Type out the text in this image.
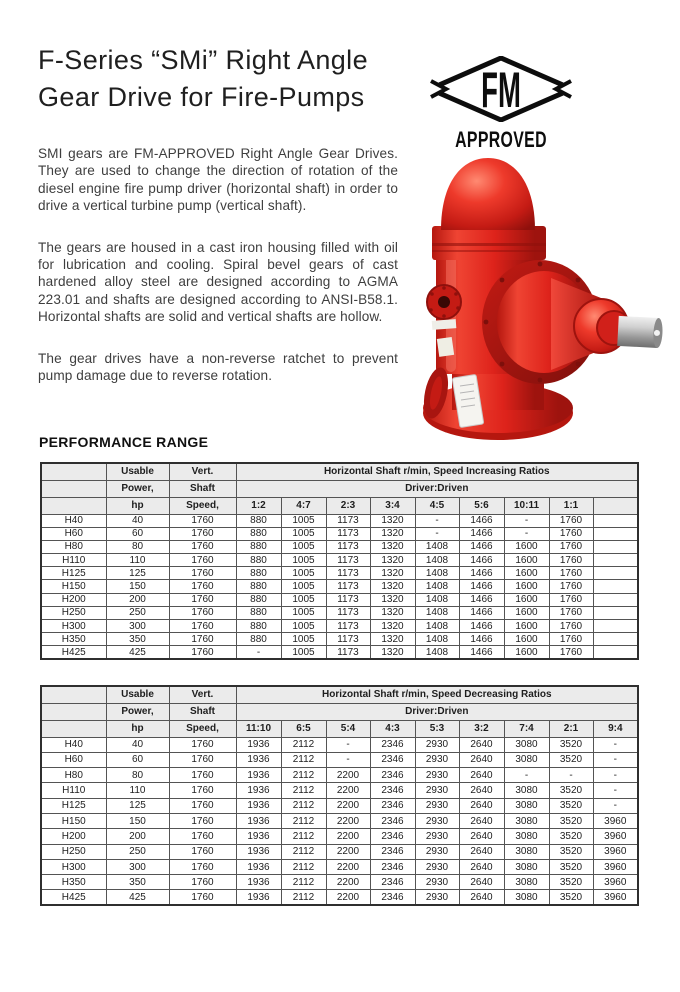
F-Series “SMi” Right Angle
Gear Drive for Fire-Pumps FM
APPROVED

SMI gears are FM-APPROVED Right Angle Gear Drives. They are used to change the direction of rotation of the diesel engine fire pump driver (horizontal shaft) in order to drive a vertical turbine pump (vertical shaft).

The gears are housed in a cast iron housing filled with oil for lubrication and cooling. Spiral bevel gears of cast hardened alloy steel are designed according to AGMA 223.01 and shafts are designed according to ANSI-B58.1. Horizontal shafts are solid and vertical shafts are hollow.

The gear drives have a non-reverse ratchet to prevent pump damage due to reverse rotation.

PERFORMANCE RANGE
	Usable	Vert.	Horizontal Shaft r/min, Speed Increasing Ratios								
	Power,	Shaft	Driver:Driven								
	hp	Speed,	1:2	4:7	2:3	3:4	4:5	5:6	10:11	1:1	
H40	40	1760	880	1005	1173	1320	-	1466	-	1760	
H60	60	1760	880	1005	1173	1320	-	1466	-	1760	
H80	80	1760	880	1005	1173	1320	1408	1466	1600	1760	
H110	110	1760	880	1005	1173	1320	1408	1466	1600	1760	
H125	125	1760	880	1005	1173	1320	1408	1466	1600	1760	
H150	150	1760	880	1005	1173	1320	1408	1466	1600	1760	
H200	200	1760	880	1005	1173	1320	1408	1466	1600	1760	
H250	250	1760	880	1005	1173	1320	1408	1466	1600	1760	
H300	300	1760	880	1005	1173	1320	1408	1466	1600	1760	
H350	350	1760	880	1005	1173	1320	1408	1466	1600	1760	
H425	425	1760	-	1005	1173	1320	1408	1466	1600	1760	
	Usable	Vert.	Horizontal Shaft r/min, Speed Decreasing Ratios								
	Power,	Shaft	Driver:Driven								
	hp	Speed,	11:10	6:5	5:4	4:3	5:3	3:2	7:4	2:1	9:4
H40	40	1760	1936	2112	-	2346	2930	2640	3080	3520	-
H60	60	1760	1936	2112	-	2346	2930	2640	3080	3520	-
H80	80	1760	1936	2112	2200	2346	2930	2640	-	-	-
H110	110	1760	1936	2112	2200	2346	2930	2640	3080	3520	-
H125	125	1760	1936	2112	2200	2346	2930	2640	3080	3520	-
H150	150	1760	1936	2112	2200	2346	2930	2640	3080	3520	3960
H200	200	1760	1936	2112	2200	2346	2930	2640	3080	3520	3960
H250	250	1760	1936	2112	2200	2346	2930	2640	3080	3520	3960
H300	300	1760	1936	2112	2200	2346	2930	2640	3080	3520	3960
H350	350	1760	1936	2112	2200	2346	2930	2640	3080	3520	3960
H425	425	1760	1936	2112	2200	2346	2930	2640	3080	3520	3960
